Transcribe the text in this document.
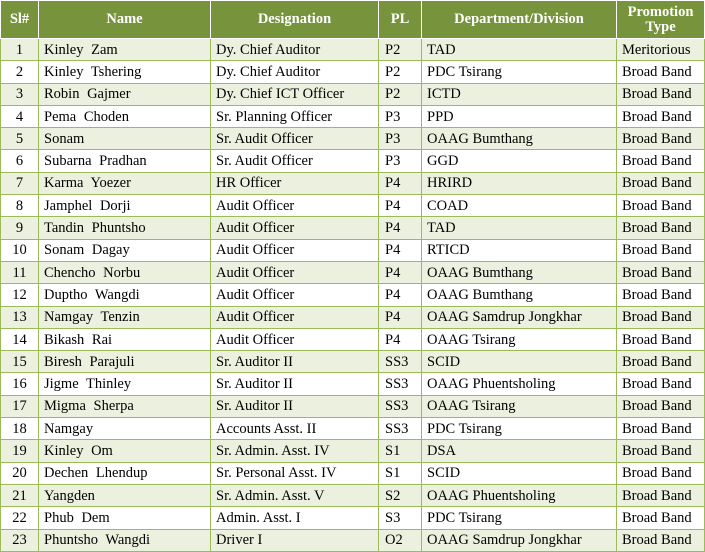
Sl#	Name	Designation	PL	Department/Division	Promotion Type
1	Kinley Zam	Dy. Chief Auditor	P2	TAD	Meritorious
2	Kinley Tshering	Dy. Chief Auditor	P2	PDC Tsirang	Broad Band
3	Robin Gajmer	Dy. Chief ICT Officer	P2	ICTD	Broad Band
4	Pema Choden	Sr. Planning Officer	P3	PPD	Broad Band
5	Sonam	Sr. Audit Officer	P3	OAAG Bumthang	Broad Band
6	Subarna Pradhan	Sr. Audit Officer	P3	GGD	Broad Band
7	Karma Yoezer	HR Officer	P4	HRIRD	Broad Band
8	Jamphel Dorji	Audit Officer	P4	COAD	Broad Band
9	Tandin Phuntsho	Audit Officer	P4	TAD	Broad Band
10	Sonam Dagay	Audit Officer	P4	RTICD	Broad Band
11	Chencho Norbu	Audit Officer	P4	OAAG Bumthang	Broad Band
12	Duptho Wangdi	Audit Officer	P4	OAAG Bumthang	Broad Band
13	Namgay Tenzin	Audit Officer	P4	OAAG Samdrup Jongkhar	Broad Band
14	Bikash Rai	Audit Officer	P4	OAAG Tsirang	Broad Band
15	Biresh Parajuli	Sr. Auditor II	SS3	SCID	Broad Band
16	Jigme Thinley	Sr. Auditor II	SS3	OAAG Phuentsholing	Broad Band
17	Migma Sherpa	Sr. Auditor II	SS3	OAAG Tsirang	Broad Band
18	Namgay	Accounts Asst. II	SS3	PDC Tsirang	Broad Band
19	Kinley Om	Sr. Admin. Asst. IV	S1	DSA	Broad Band
20	Dechen Lhendup	Sr. Personal Asst. IV	S1	SCID	Broad Band
21	Yangden	Sr. Admin. Asst. V	S2	OAAG Phuentsholing	Broad Band
22	Phub Dem	Admin. Asst. I	S3	PDC Tsirang	Broad Band
23	Phuntsho Wangdi	Driver I	O2	OAAG Samdrup Jongkhar	Broad Band
